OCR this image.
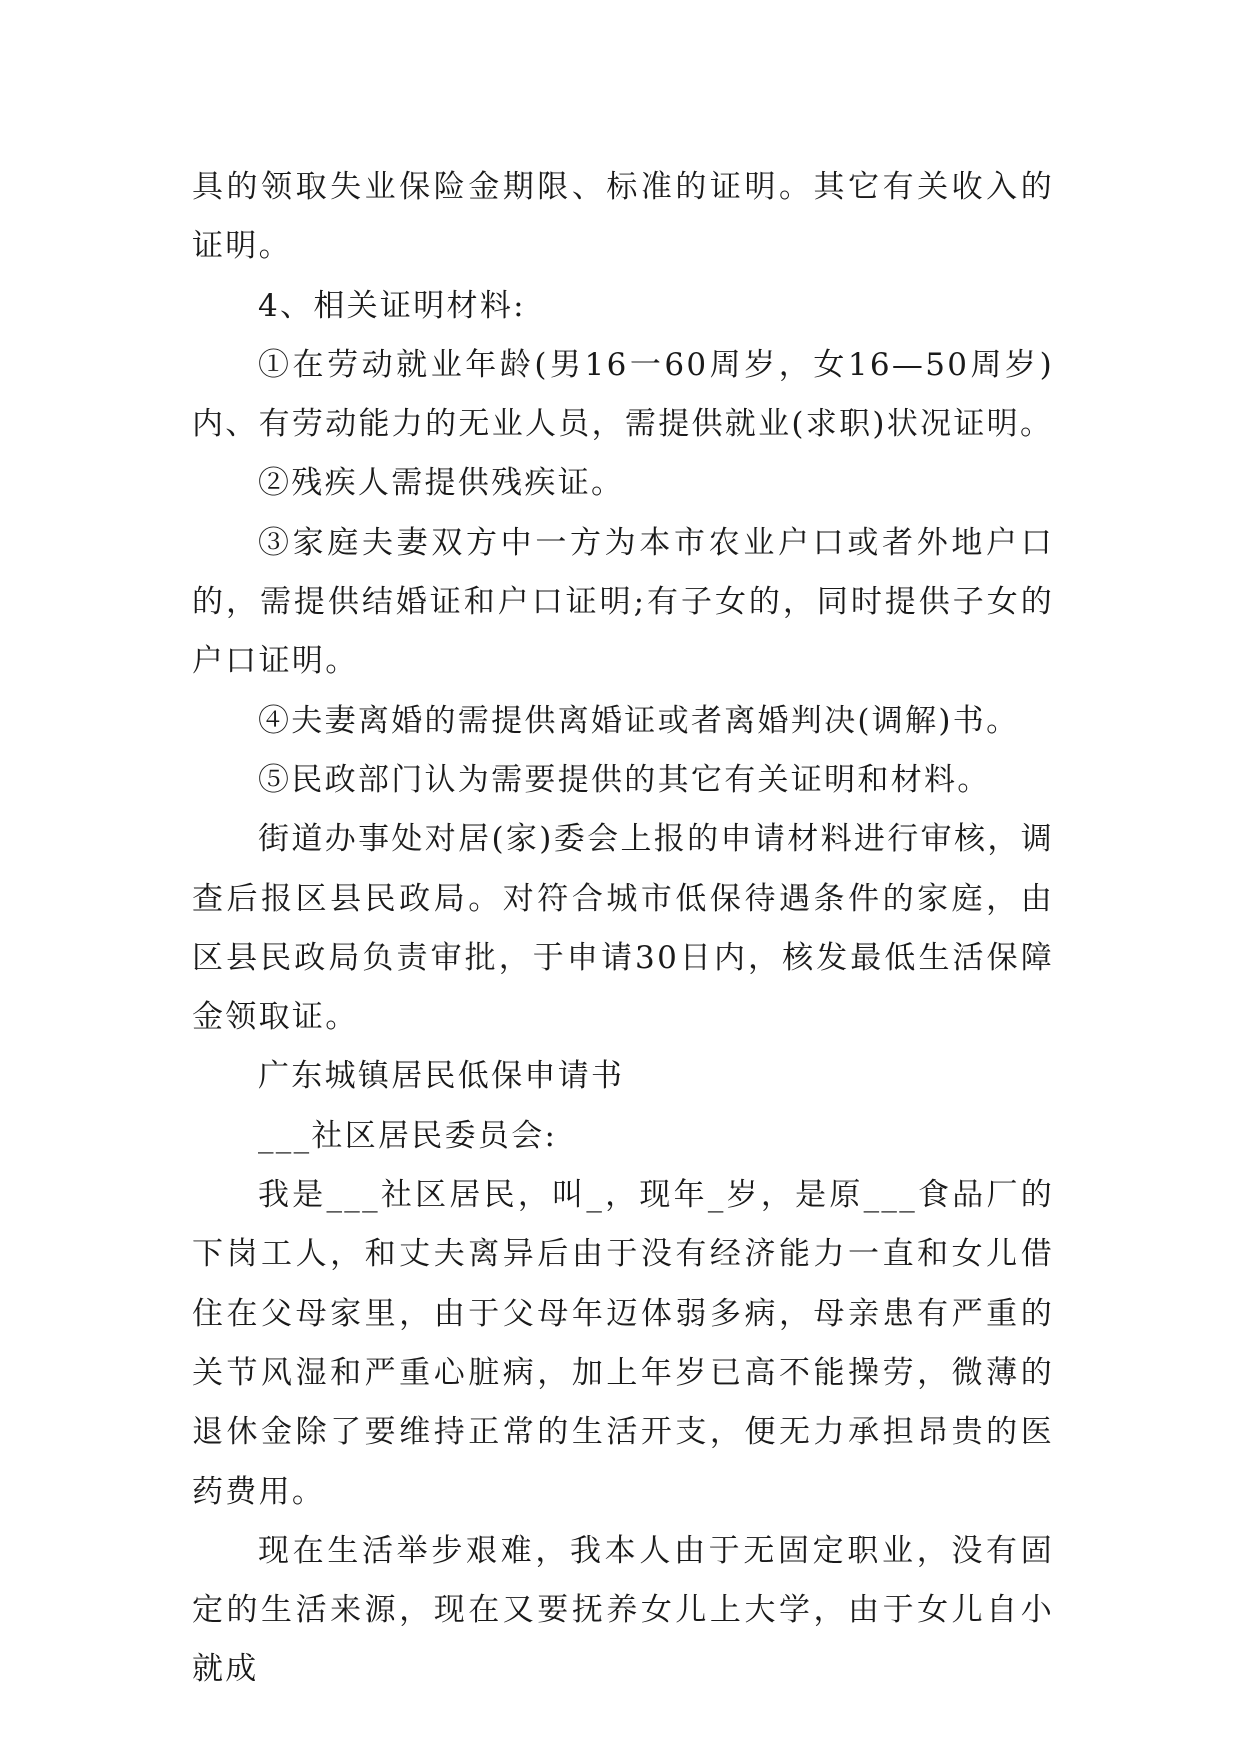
具的领取失业保险金期限、标准的证明。其它有关收入的证明。

4、相关证明材料:

①在劳动就业年龄(男16一60周岁，女16—50周岁)内、有劳动能力的无业人员，需提供就业(求职)状况证明。

②残疾人需提供残疾证。

③家庭夫妻双方中一方为本市农业户口或者外地户口的，需提供结婚证和户口证明;有子女的，同时提供子女的户口证明。

④夫妻离婚的需提供离婚证或者离婚判决(调解)书。

⑤民政部门认为需要提供的其它有关证明和材料。

街道办事处对居(家)委会上报的申请材料进行审核，调查后报区县民政局。对符合城市低保待遇条件的家庭，由区县民政局负责审批，于申请30日内，核发最低生活保障金领取证。

广东城镇居民低保申请书

___社区居民委员会:

我是___社区居民，叫_，现年_岁，是原___食品厂的下岗工人，和丈夫离异后由于没有经济能力一直和女儿借住在父母家里，由于父母年迈体弱多病，母亲患有严重的关节风湿和严重心脏病，加上年岁已高不能操劳，微薄的退休金除了要维持正常的生活开支，便无力承担昂贵的医药费用。

现在生活举步艰难，我本人由于无固定职业，没有固定的生活来源，现在又要抚养女儿上大学，由于女儿自小就成
